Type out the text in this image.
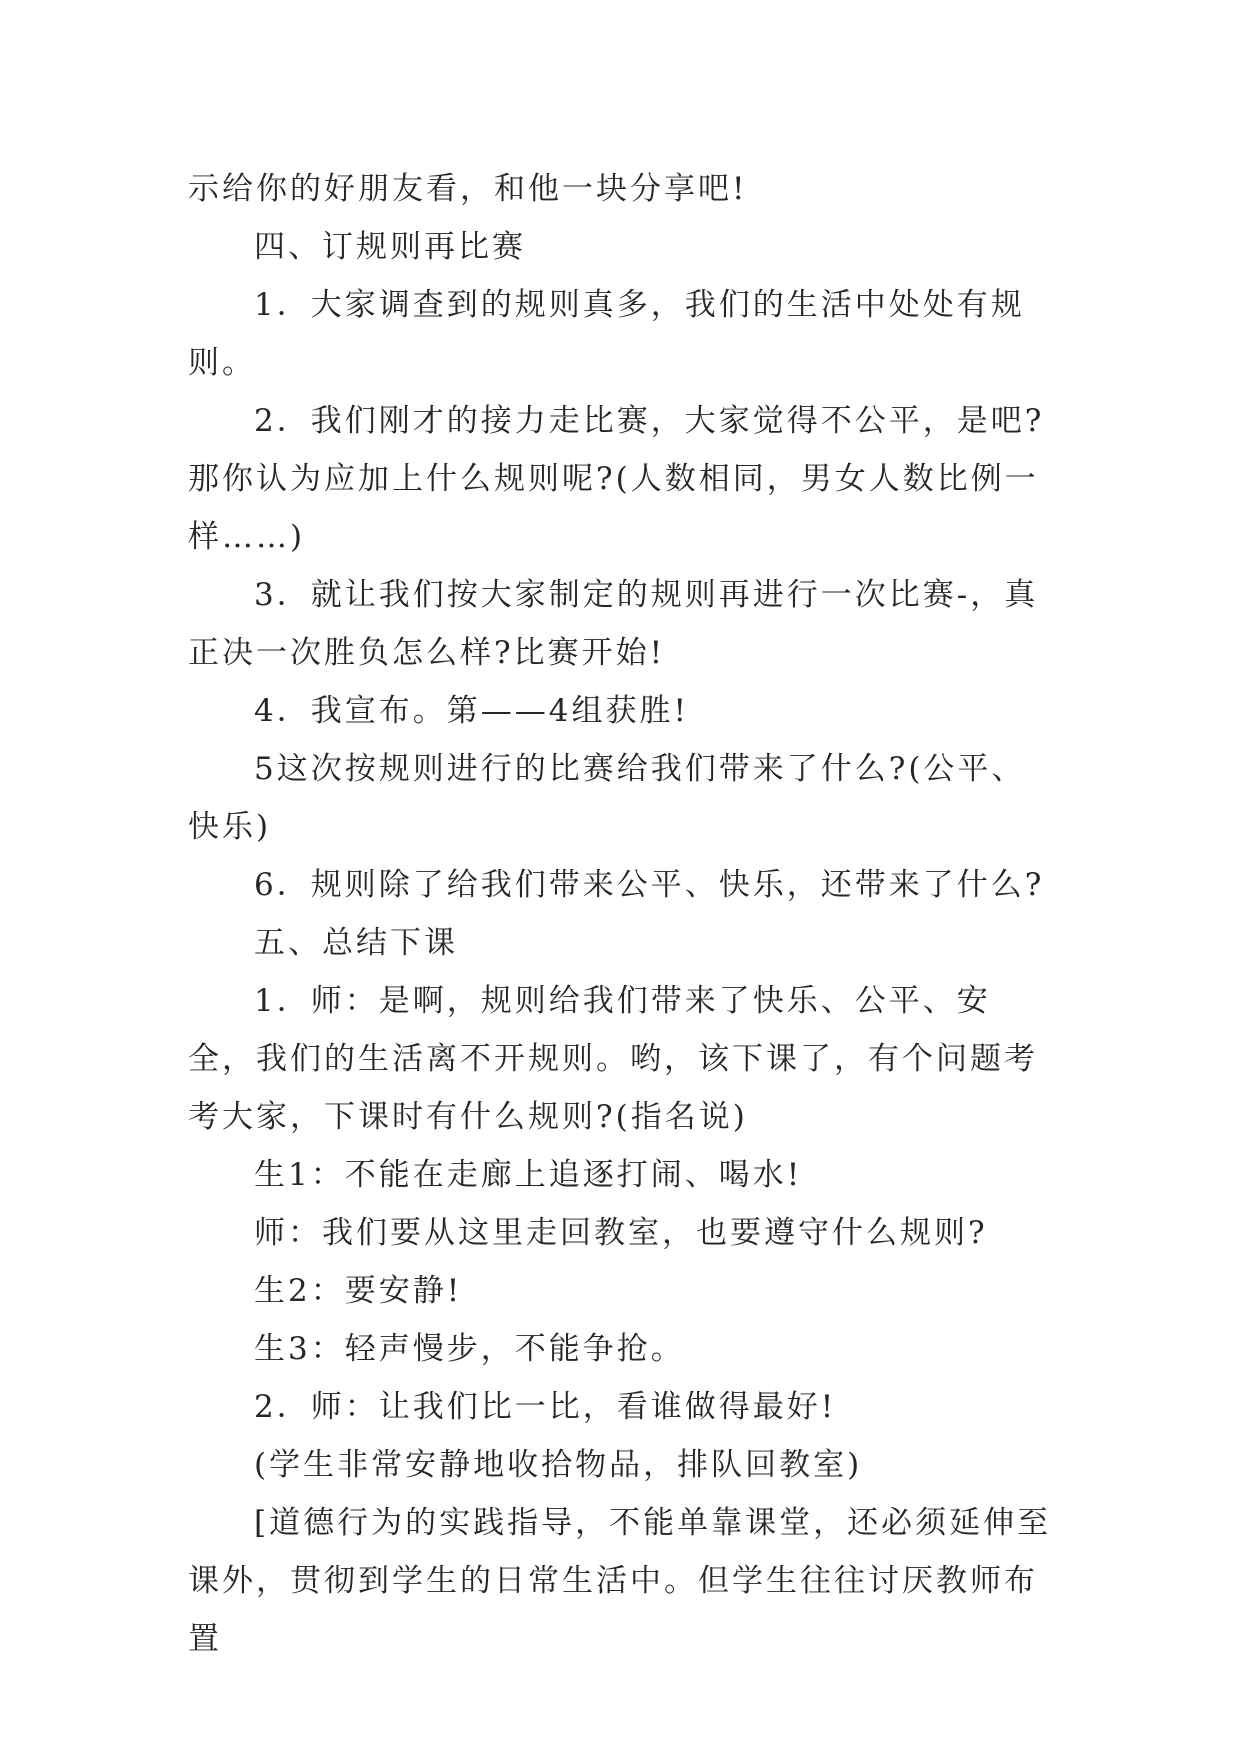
示给你的好朋友看，和他一块分享吧!

四、订规则再比赛

1．大家调查到的规则真多，我们的生活中处处有规则。

2．我们刚才的接力走比赛，大家觉得不公平，是吧?那你认为应加上什么规则呢?(人数相同，男女人数比例一样……)

3．就让我们按大家制定的规则再进行一次比赛-，真正决一次胜负怎么样?比赛开始!

4．我宣布。第——4组获胜!

5这次按规则进行的比赛给我们带来了什么?(公平、快乐)

6．规则除了给我们带来公平、快乐，还带来了什么?

五、总结下课

1．师：是啊，规则给我们带来了快乐、公平、安全，我们的生活离不开规则。哟，该下课了，有个问题考考大家，下课时有什么规则?(指名说)

生1：不能在走廊上追逐打闹、喝水!

师：我们要从这里走回教室，也要遵守什么规则?

生2：要安静!

生3：轻声慢步，不能争抢。

2．师：让我们比一比，看谁做得最好!

(学生非常安静地收拾物品，排队回教室)

[道德行为的实践指导，不能单靠课堂，还必须延伸至课外，贯彻到学生的日常生活中。但学生往往讨厌教师布置
